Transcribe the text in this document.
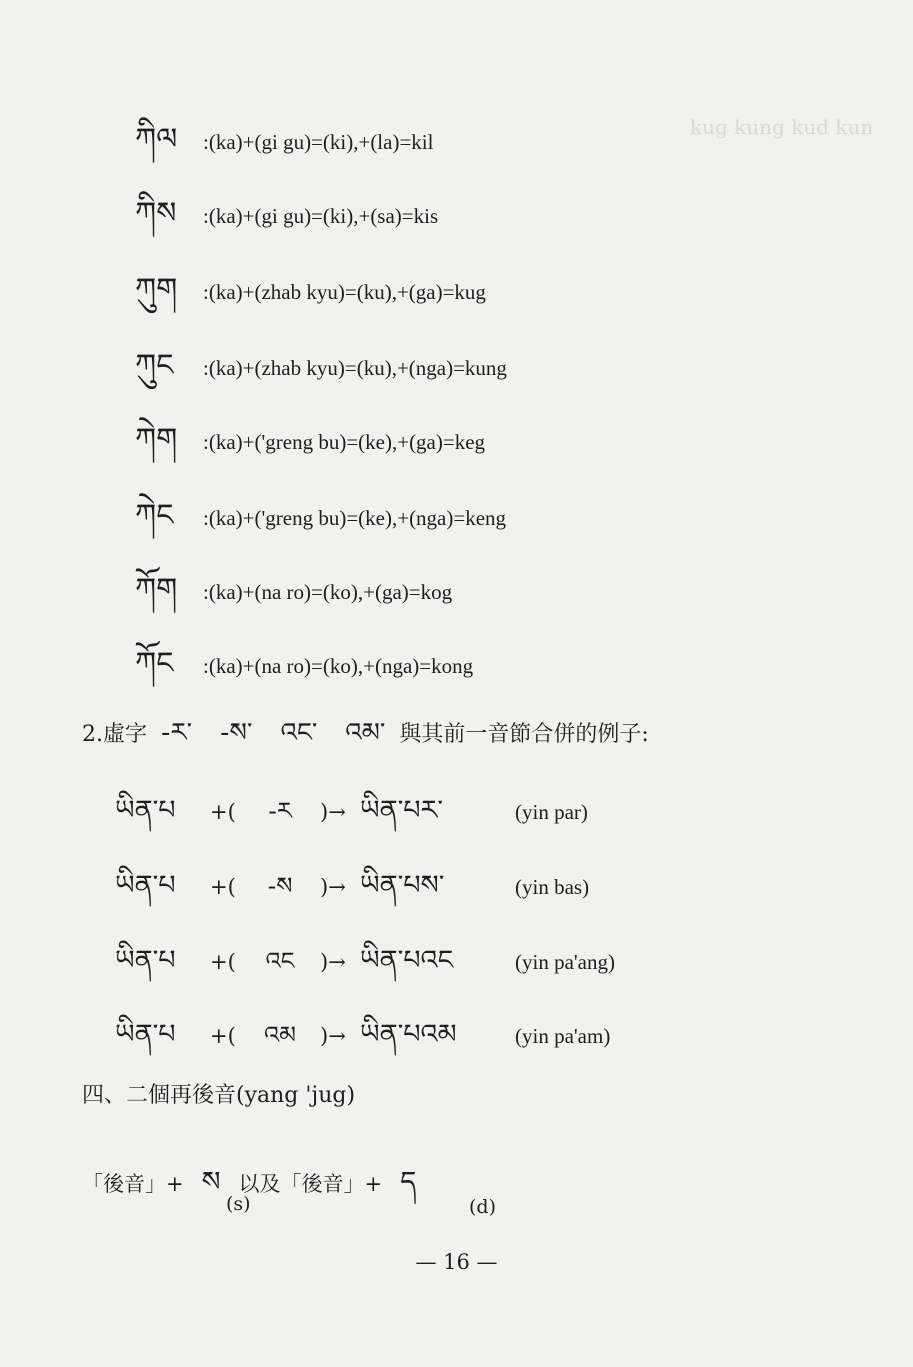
kug kung kud kun
ཀིལ :(ka)+(gi gu)=(ki),+(la)=kil
ཀིས :(ka)+(gi gu)=(ki),+(sa)=kis
ཀུག :(ka)+(zhab kyu)=(ku),+(ga)=kug
ཀུང :(ka)+(zhab kyu)=(ku),+(nga)=kung
ཀེག :(ka)+('greng bu)=(ke),+(ga)=keg
ཀེང :(ka)+('greng bu)=(ke),+(nga)=keng
ཀོག :(ka)+(na ro)=(ko),+(ga)=kog
ཀོང :(ka)+(na ro)=(ko),+(nga)=kong
2.虛字 -ར་ -ས་ འང་ འམ་ 與其前一音節合併的例子:
ཡིན་པ +( -ར )→ ཡིན་པར་	(yin par)
ཡིན་པ +( -ས )→ ཡིན་པས་	(yin bas)
ཡིན་པ +( འང )→ ཡིན་པའང	(yin pa'ang)
ཡིན་པ +( འམ )→ ཡིན་པའམ	(yin pa'am)
四、二個再後音(yang 'jug)
「後音」+ ས 以及「後音」+ ད
(s)	(d)
— 16 —
